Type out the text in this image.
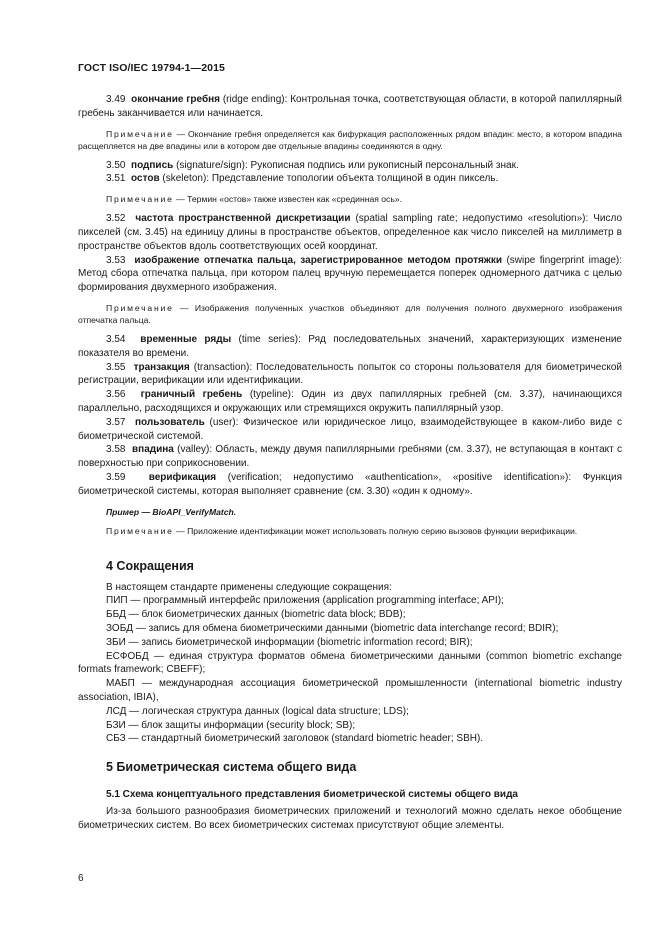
ГОСТ ISO/IEC 19794-1—2015

3.49 окончание гребня (ridge ending): Контрольная точка, соответствующая области, в которой папиллярный гребень заканчивается или начинается.

Примечание — Окончание гребня определяется как бифуркация расположенных рядом впадин: место, в котором впадина расщепляется на две впадины или в котором две отдельные впадины соединяются в одну.

3.50 подпись (signature/sign): Рукописная подпись или рукописный персональный знак.

3.51 остов (skeleton): Представление топологии объекта толщиной в один пиксель.

Примечание — Термин «остов» также известен как «срединная ось».

3.52 частота пространственной дискретизации (spatial sampling rate; недопустимо «resolution»): Число пикселей (см. 3.45) на единицу длины в пространстве объектов, определенное как число пикселей на миллиметр в пространстве объектов вдоль соответствующих осей координат.

3.53 изображение отпечатка пальца, зарегистрированное методом протяжки (swipe fingerprint image): Метод сбора отпечатка пальца, при котором палец вручную перемещается поперек одномерного датчика с целью формирования двухмерного изображения.

Примечание — Изображения полученных участков объединяют для получения полного двухмерного изображения отпечатка пальца.

3.54 временные ряды (time series): Ряд последовательных значений, характеризующих изменение показателя во времени.

3.55 транзакция (transaction): Последовательность попыток со стороны пользователя для биометрической регистрации, верификации или идентификации.

3.56 граничный гребень (typeline): Один из двух папиллярных гребней (см. 3.37), начинающихся параллельно, расходящихся и окружающих или стремящихся окружить папиллярный узор.

3.57 пользователь (user): Физическое или юридическое лицо, взаимодействующее в каком-либо виде с биометрической системой.

3.58 впадина (valley): Область, между двумя папиллярными гребнями (см. 3.37), не вступающая в контакт с поверхностью при соприкосновении.

3.59 верификация (verification; недопустимо «authentication», «positive identification»): Функция биометрической системы, которая выполняет сравнение (см. 3.30) «один к одному».

Пример — BioAPI_VerifyMatch.

Примечание — Приложение идентификации может использовать полную серию вызовов функции верификации.

4 Сокращения

В настоящем стандарте применены следующие сокращения:

ПИП — программный интерфейс приложения (application programming interface; API);

ББД — блок биометрических данных (biometric data block; BDB);

ЗОБД — запись для обмена биометрическими данными (biometric data interchange record; BDIR);

ЗБИ — запись биометрической информации (biometric information record; BIR);

ЕСФОБД — единая структура форматов обмена биометрическими данными (common biometric exchange formats framework; CBEFF);

МАБП — международная ассоциация биометрической промышленности (international biometric industry association, IBIA),

ЛСД — логическая структура данных (logical data structure; LDS);

БЗИ — блок защиты информации (security block; SB);

СБЗ — стандартный биометрический заголовок (standard biometric header; SBH).

5 Биометрическая система общего вида
5.1 Схема концептуального представления биометрической системы общего вида

Из-за большого разнообразия биометрических приложений и технологий можно сделать некое обобщение биометрических систем. Во всех биометрических системах присутствуют общие элементы.

6
